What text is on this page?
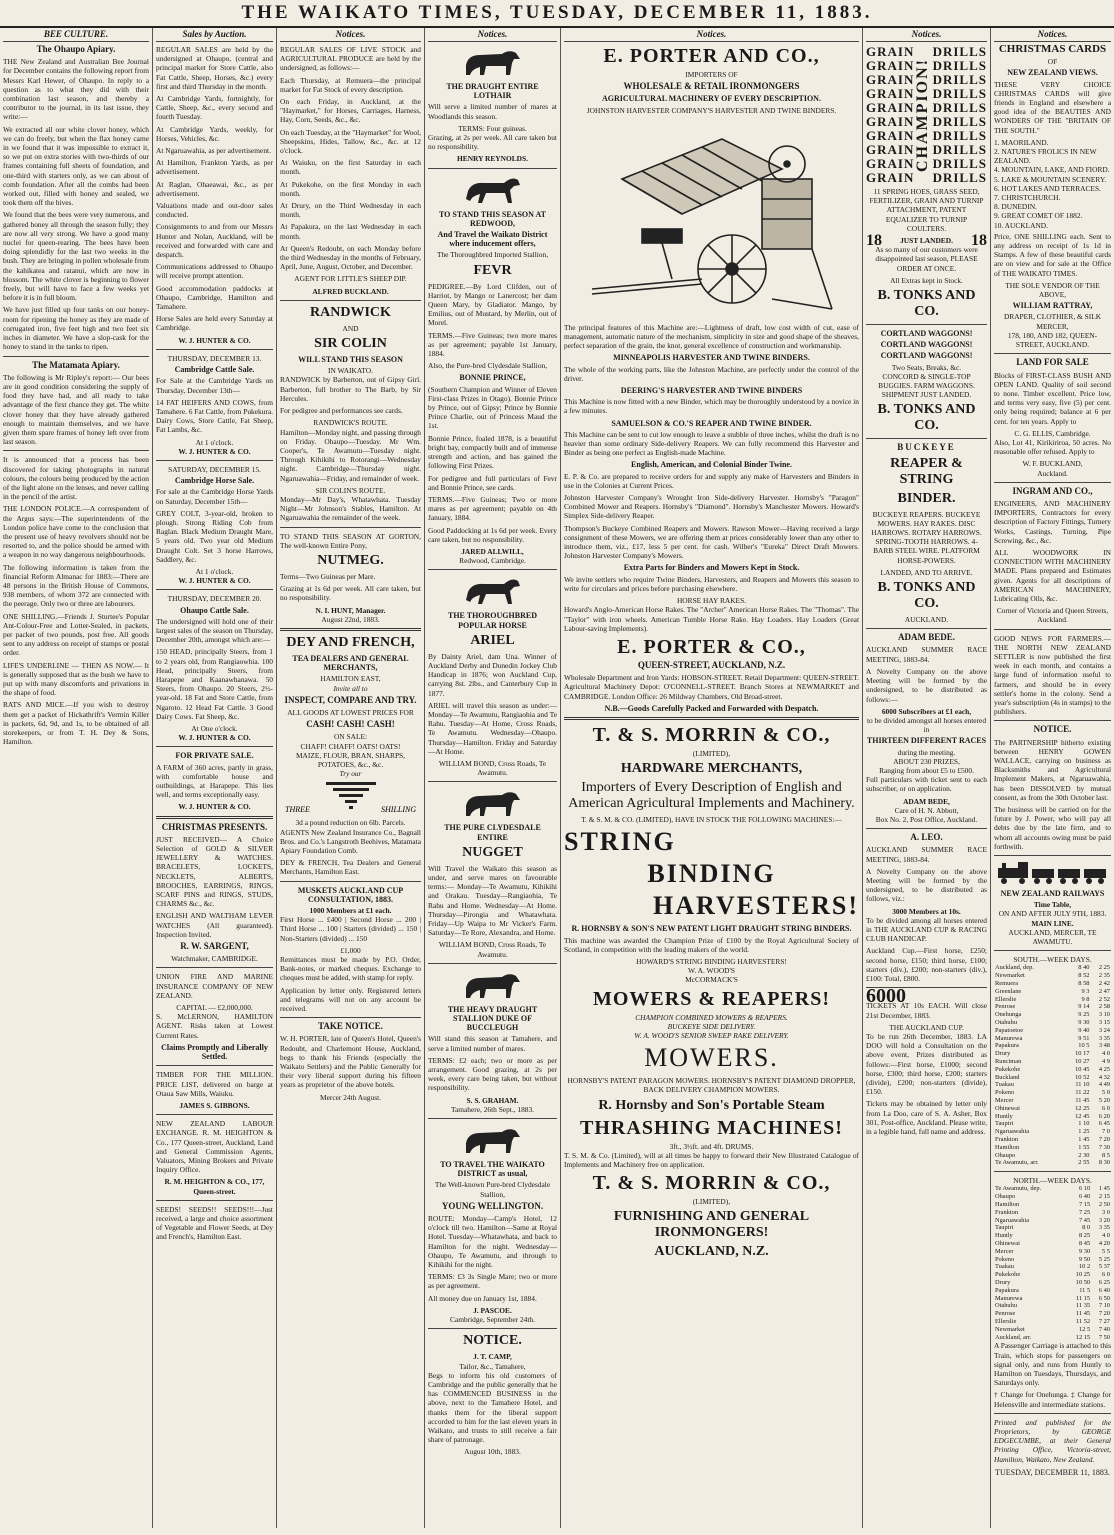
THE WAIKATO TIMES, TUESDAY, DECEMBER 11, 1883.
BEE CULTURE.
The Ohaupo Apiary.

THE New Zealand and Australian Bee Journal for December contains the following report from Messrs Karl Hewer, of Ohaupo. In reply to a question as to what they did with their combination last season, and thereby a contributor to the journal, in its last issue, they write:—

We extracted all our white clover honey, which we can do freely, but when the flax honey came in we found that it was impossible to extract it, so we put on extra stories with two-thirds of our frames containing full sheets of foundation, and one-third with starters only, as we can about of comb foundation. After all the combs had been worked out, filled with honey and sealed, we took them off the hives.

We found that the bees were very numerous, and gathered honey all through the season fully; they are now all very strong. We have a good many nuclei for queen-rearing. The bees have been doing splendidly for the last two weeks in the bush. They are bringing in pollen wholesale from the kahikatea and ratanui, which are now in blossom. The white clover is beginning to flower freely, but will have to face a few weeks yet before it is in full bloom.

We have just filled up four tanks on our honey-room for ripening the honey as they are made of corrugated iron, five feet high and two feet six inches in diameter. We have a slop-cask for the honey to stand in the tanks to ripen.

The Matamata Apiary.

The following is Mr Ripley's report:— Our bees are in good condition considering the supply of food they have had, and all ready to take advantage of the first chance they get. The white clover honey that they have already gathered enough to maintain themselves, and we have given them spare frames of honey left over from last season.

It is announced that a process has been discovered for taking photographs in natural colours, the colours being produced by the action of the light alone on the lenses, and never calling in the pencil of the artist.

THE LONDON POLICE.—A correspondent of the Argus says:—The superintendents of the London police have come to the conclusion that the present use of heavy revolvers should not be resorted to, and the police should be armed with a weapon in no way dangerous neighbourhoods.

The following information is taken from the financial Reform Almanac for 1883:—There are 48 persons in the British House of Commons, 938 members, of whom 372 are connected with the peerage. Only two or three are labourers.

ONE SHILLING.—Friends J. Sturtee's Popular Ant-Colour-Free and Lotter-Sealed, in packets, per packet of two pounds, post free. All goods sent to any address on receipt of stamps or postal order.

LIFE'S UNDERLINE — THEN AS NOW.— It is generally supposed that as the bush we have to put up with many discomforts and privations in the shape of food.

RATS AND MICE.—If you wish to destroy them get a packet of Hickathrift's Vermin Killer in packets, 6d, 9d, and 1s, to be obtained of all storekeepers, or from T. H. Dey & Sons, Hamilton.

Sales by Auction.

REGULAR SALES are held by the undersigned at Ohaupo, (central and principal market for Store Cattle, also Fat Cattle, Sheep, Horses, &c.) every first and third Thursday in the month.

At Cambridge Yards, fortnightly, for Cattle, Sheep, &c., every second and fourth Tuesday.

At Cambridge Yards, weekly, for Horses, Vehicles, &c.

At Ngaruawahia, as per advertisement.

At Hamilton, Frankton Yards, as per advertisement.

At Raglan, Ohaeawai, &c., as per advertisement.

Valuations made and out-door sales conducted.

Consignments to and from our Messrs Hunter and Nolan, Auckland, will be received and forwarded with care and despatch.

Communications addressed to Ohaupo will receive prompt attention.

Good accommodation paddocks at Ohaupo, Cambridge, Hamilton and Tamahere.

Horse Sales are held every Saturday at Cambridge.

W. J. HUNTER & CO.
THURSDAY, DECEMBER 13.
Cambridge Cattle Sale.

For Sale at the Cambridge Yards on Thursday, December 13th—

14 FAT HEIFERS AND COWS, from Tamahere. 6 Fat Cattle, from Pukekura. Dairy Cows, Store Cattle, Fat Sheep, Fat Lambs, &c.

At 1 o'clock.
W. J. HUNTER & CO.
SATURDAY, DECEMBER 15.
Cambridge Horse Sale.

For sale at the Cambridge Horse Yards on Saturday, December 15th—

GREY COLT, 3-year-old, broken to plough. Strong Riding Cob from Raglan. Black Medium Draught Mare, 5 years old. Two year old Medium Draught Colt. Set 3 horse Harrows, Saddlery, &c.

At 1 o'clock.
W. J. HUNTER & CO.
THURSDAY, DECEMBER 20.
Ohaupo Cattle Sale.

The undersigned will hold one of their largest sales of the season on Thursday, December 20th, amongst which are:—

150 HEAD, principally Steers, from 1 to 2 years old, from Rangiaowhia. 100 Head, principally Steers, from Harapepe and Kaanawhanawa. 50 Steers, from Ohaupo. 20 Steers, 2½-year-old. 18 Fat and Store Cattle, from Ngaroto. 12 Head Fat Cattle. 3 Good Dairy Cows. Fat Sheep, &c.

At One o'clock.
W. J. HUNTER & CO.
FOR PRIVATE SALE.

A FARM of 360 acres, partly in grass, with comfortable house and outbuildings, at Harapepe. This lies well, and terms exceptionally easy.

W. J. HUNTER & CO.
CHRISTMAS PRESENTS.

JUST RECEIVED— A Choice Selection of GOLD & SILVER JEWELLERY & WATCHES. BRACELETS, LOCKETS, NECKLETS, ALBERTS, BROOCHES, EARRINGS, RINGS, SCARF PINS and RINGS, STUDS, CHARMS &c., &c.

ENGLISH AND WALTHAM LEVER WATCHES (All guaranteed). Inspection Invited.

R. W. SARGENT,
Watchmaker, CAMBRIDGE.

UNION FIRE AND MARINE INSURANCE COMPANY OF NEW ZEALAND.

CAPITAL — £2,000,000.

S. McLERNON, HAMILTON AGENT. Risks taken at Lowest Current Rates.

Claims Promptly and Liberally Settled.

TIMBER FOR THE MILLION. PRICE LIST, delivered on barge at Otaua Saw Mills, Waiuku.

JAMES S. GIBBONS.

NEW ZEALAND LABOUR EXCHANGE. R. M. HEIGHTON & Co., 177 Queen-street, Auckland, Land and General Commission Agents, Valuators, Mining Brokers and Private Inquiry Office.

R. M. HEIGHTON & CO., 177, Queen-street.

SEEDS! SEEDS!! SEEDS!!!—Just received, a large and choice assortment of Vegetable and Flower Seeds, at Dey and French's, Hamilton East.

Notices.

REGULAR SALES OF LIVE STOCK and AGRICULTURAL PRODUCE are held by the undersigned, as follows:—

Each Thursday, at Remuera—the principal market for Fat Stock of every description.

On each Friday, in Auckland, at the "Haymarket," for Horses, Carriages, Harness, Hay, Corn, Seeds, &c., &c.

On each Tuesday, at the "Haymarket" for Wool, Sheepskins, Hides, Tallow, &c., &c. at 12 o'clock.

At Waiuku, on the first Saturday in each month.

At Pukekohe, on the first Monday in each month.

At Drury, on the Third Wednesday in each month.

At Papakura, on the last Wednesday in each month.

At Queen's Redoubt, on each Monday before the third Wednesday in the months of February, April, June, August, October, and December.

AGENT FOR LITTLE'S SHEEP DIP.

ALFRED BUCKLAND.
RANDWICK
AND
SIR COLIN
WILL STAND THIS SEASON
IN WAIKATO.

RANDWICK by Barberton, out of Gipsy Girl. Barberton, full brother to The Barb, by Sir Hercules.

For pedigree and performances see cards.

RANDWICK'S ROUTE.

Hamilton—Monday night, and passing through on Friday. Ohaupo—Tuesday. Mr Wm. Cooper's, Te Awamutu—Tuesday night. Through Kihikihi to Rotorangi—Wednesday night. Cambridge—Thursday night. Ngaruawahia—Friday, and remainder of week.

SIR COLIN'S ROUTE.

Monday—Mr Day's, Whatawhata. Tuesday Night—Mr Johnson's Stables, Hamilton. At Ngaruawahia the remainder of the week.

TO STAND THIS SEASON AT GORTON, The well-known Entire Pony,

NUTMEG.

Terms—Two Guineas per Mare.

Grazing at 1s 6d per week. All care taken, but no responsibility.

N. I. HUNT, Manager.
August 22nd, 1883.
DEY AND FRENCH,
TEA DEALERS AND GENERAL MERCHANTS,
HAMILTON EAST,
Invite all to
INSPECT, COMPARE AND TRY.
ALL GOODS AT LOWEST PRICES FOR
CASH! CASH! CASH!
ON SALE:
CHAFF! CHAFF! OATS! OATS!
MAIZE, FLOUR, BRAN, SHARPS, POTATOES, &c., &c.
Try our
THREE	SHILLING
3d a pound reduction on 6lb. Parcels.

AGENTS New Zealand Insurance Co., Bagnall Bros. and Co.'s Langstroth Beehives, Matamata Apiary Foundation Comb.

DEY & FRENCH, Tea Dealers and General Merchants, Hamilton East.

MUSKETS AUCKLAND CUP CONSULTATION, 1883.
1000 Members at £1 each.

First Horse ... £400 | Second Horse ... 200 | Third Horse ... 100 | Starters (divided) ... 150 | Non-Starters (divided) ... 150

£1,000

Remittances must be made by P.O. Order, Bank-notes, or marked cheques. Exchange to cheques must be added, with stamp for reply.

Application by letter only. Registered letters and telegrams will not on any account be received.

TAKE NOTICE.

W. H. PORTER, late of Queen's Hotel, Queen's Redoubt, and Charlemont House, Auckland, begs to thank his Friends (especially the Waikato Settlers) and the Public Generally for their very liberal support during his fifteen years as proprietor of the above hotels.

Mercer 24th August.
Notices.
THE DRAUGHT ENTIRE LOTHAIR

Will serve a limited number of mares at Woodlands this season.

TERMS: Four guineas.

Grazing, at 2s per week. All care taken but no responsibility.

HENRY REYNOLDS.
TO STAND THIS SEASON AT REDWOOD,
And Travel the Waikato District where inducement offers,
The Thoroughbred Imported Stallion,
FEVR

PEDIGREE.—By Lord Clifden, out of Harriot, by Mango or Lanercost; her dam Queen Mary, by Gladiator. Mango, by Emilius, out of Mustard, by Merlin, out of Morel.

TERMS.—Five Guineas; two more mares as per agreement; payable 1st January, 1884.

Also, the Pure-bred Clydesdale Stallion,

BONNIE PRINCE,

(Southern Champion and Winner of Eleven First-class Prizes in Otago). Bonnie Prince by Prince, out of Gipsy; Prince by Bonnie Prince Charlie, out of Princess Maud the 1st.

Bonnie Prince, foaled 1878, is a beautiful bright bay, compactly built and of immense strength and action, and has gained the following First Prizes.

For pedigree and full particulars of Fevr and Bonnie Prince, see cards.

TERMS.—Five Guineas; Two or more mares as per agreement; payable on 4th January, 1884.

Good Paddocking at 1s 6d per week. Every care taken, but no responsibility.

JARED ALLWILL,
Redwood, Cambridge.
THE THOROUGHBRED POPULAR HORSE
ARIEL

By Dainty Ariel, dam Una. Winner of Auckland Derby and Dunedin Jockey Club Handicap in 1876; won Auckland Cup, carrying 8st. 2lbs., and Canterbury Cup in 1877.

ARIEL will travel this season as under:— Monday—Te Awamutu, Rangiaohia and Te Rahu. Tuesday—At Home, Cross Roads, Te Awamutu. Wednesday—Ohaupo. Thursday—Hamilton. Friday and Saturday—At Home.

WILLIAM BOND, Cross Roads, Te Awamutu.
THE PURE CLYDESDALE ENTIRE
NUGGET

Will Travel the Waikato this season as under, and serve mares on favourable terms:— Monday—Te Awamutu, Kihikihi and Orakau. Tuesday—Rangiaohia, Te Rahu and Home. Wednesday—At Home. Thursday—Pirongia and Whatawhata. Friday—Up Waipa to Mr Vicker's Farm. Saturday—Te Rore, Alexandra, and Home.

WILLIAM BOND, Cross Roads, Te Awamutu.
THE HEAVY DRAUGHT STALLION DUKE OF BUCCLEUGH

Will stand this season at Tamahere, and serve a limited number of mares.

TERMS: £2 each; two or more as per arrangement. Good grazing, at 2s per week, every care being taken, but without responsibility.

S. S. GRAHAM.
Tamahere, 26th Sept., 1883.
TO TRAVEL THE WAIKATO DISTRICT as usual,
The Well-known Pure-bred Clydesdale Stallion,
YOUNG WELLINGTON.

ROUTE: Monday—Camp's Hotel, 12 o'clock till two. Hamilton—Same at Royal Hotel. Tuesday—Whatawhata, and back to Hamilton for the night. Wednesday—Ohaupo, Te Awamutu, and through to Kihikihi for the night.

TERMS: £3 3s Single Mare; two or more as per agreement.

All money due on January 1st, 1884.

J. PASCOE.
Cambridge, September 24th.
NOTICE.
J. T. CAMP,
Tailor, &c., Tamahere,

Begs to inform his old customers of Cambridge and the public generally that he has COMMENCED BUSINESS in the above, next to the Tamahere Hotel, and thanks them for the liberal support accorded to him for the last eleven years in Waikato, and trusts to still receive a fair share of patronage.

August 10th, 1883.
Notices.
E. PORTER AND CO.,
IMPORTERS OF
WHOLESALE & RETAIL IRONMONGERS
AGRICULTURAL MACHINERY OF EVERY DESCRIPTION.
JOHNSTON HARVESTER COMPANY'S HARVESTER AND TWINE BINDERS.

The principal features of this Machine are:—Lightness of draft, low cost width of cut, ease of management, automatic nature of the mechanism, simplicity in size and good shape of the sheaves, perfect separation of the grain, the knot, general excellence of construction and workmanship.

MINNEAPOLIS HARVESTER AND TWINE BINDERS.

The whole of the working parts, like the Johnston Machine, are perfectly under the control of the driver.

DEERING'S HARVESTER AND TWINE BINDERS

This Machine is now fitted with a new Binder, which may be thoroughly understood by a novice in a few minutes.

SAMUELSON & CO.'S REAPER AND TWINE BINDER.

This Machine can be sent to cut low enough to leave a stubble of three inches, whilst the draft is no heavier than some ordinary Side-delivery Reapers. We can fully recommend this Harvester and Binder as being one perfect as English-made Machine.

English, American, and Colonial Binder Twine.

E. P. & Co. are prepared to receive orders for and supply any make of Harvesters and Binders in use in the Colonies at Current Prices.

Johnston Harvester Company's Wrought Iron Side-delivery Harvester. Hornsby's "Paragon" Combined Mower and Reapers. Hornsby's "Diamond". Hornsby's Manchester Mowers. Howard's Simplex Side-delivery Reaper.

Thompson's Buckeye Combined Reapers and Mowers. Rawson Mower—Having received a large consignment of these Mowers, we are offering them at prices considerably lower than any other to introduce them, viz., £17, less 5 per cent. for cash. Wilber's "Eureka" Direct Draft Mowers. Johnston Harvester Company's Mowers.

Extra Parts for Binders and Mowers Kept in Stock.

We invite settlers who require Twine Binders, Harvesters, and Reapers and Mowers this season to write for circulars and prices before purchasing elsewhere.

HORSE HAY RAKES.

Howard's Anglo-American Horse Rakes. The "Archer" American Horse Rakes. The "Thomas". The "Taylor" with iron wheels. American Tumble Horse Rake. Hay Loaders. Hay Loaders (Great Labour-saving Implements).

E. PORTER & CO.,
QUEEN-STREET, AUCKLAND, N.Z.

Wholesale Department and Iron Yards: HOBSON-STREET. Retail Department: QUEEN-STREET. Agricultural Machinery Depot: O'CONNELL-STREET. Branch Stores at NEWMARKET and CAMBRIDGE. London Office: 26 Mildway Chambers, Old Broad-street.

N.B.—Goods Carefully Packed and Forwarded with Despatch.
T. & S. MORRIN & CO.,
(LIMITED),
HARDWARE MERCHANTS,
Importers of Every Description of English and American Agricultural Implements and Machinery.
T. & S. M. & CO. (LIMITED), HAVE IN STOCK THE FOLLOWING MACHINES:—
STRING
BINDING
HARVESTERS!
R. HORNSBY & SON'S NEW PATENT LIGHT DRAUGHT STRING BINDERS.

This machine was awarded the Champion Prize of £100 by the Royal Agricultural Society of Scotland, in competition with the leading makers of the world.

HOWARD'S STRING BINDING HARVESTERS!
W. A. WOOD'S
McCORMACK'S
MOWERS & REAPERS!
CHAMPION COMBINED MOWERS & REAPERS.
BUCKEYE SIDE DELIVERY.
W. A. WOOD'S SENIOR SWEEP RAKE DELIVERY.
MOWERS.

HORNSBY'S PATENT PARAGON MOWERS. HORNSBY'S PATENT DIAMOND DROPPER, BACK DELIVERY CHAMPION MOWERS.

R. Hornsby and Son's Portable Steam
THRASHING MACHINES!
3ft., 3½ft. and 4ft. DRUMS.

T. S. M. & Co. (Limited), will at all times be happy to forward their New Illustrated Catalogue of Implements and Machinery free on application.

T. & S. MORRIN & CO.,
(LIMITED),
FURNISHING AND GENERAL IRONMONGERS!
AUCKLAND, N.Z.
Notices.
GRAIN
GRAIN
GRAIN
GRAIN
GRAIN
GRAIN
GRAIN
GRAIN
GRAIN
GRAIN
CHAMPION!
DRILLS
DRILLS
DRILLS
DRILLS
DRILLS
DRILLS
DRILLS
DRILLS
DRILLS
DRILLS

11 SPRING HOES, GRASS SEED, FERTILIZER, GRAIN AND TURNIP ATTACHMENT, PATENT EQUALIZER TO TURNIP COULTERS.

18 JUST LANDED. 18

As so many of our customers were disappointed last season, PLEASE ORDER AT ONCE.

All Extras kept in Stock.
B. TONKS AND CO.
CORTLAND WAGGONS!
CORTLAND WAGGONS!
CORTLAND WAGGONS!
Two Seats, Breaks, &c.
CONCORD & SINGLE-TOP BUGGIES. FARM WAGGONS.
SHIPMENT JUST LANDED.
B. TONKS AND CO.
BUCKEYE
REAPER & STRING
BINDER.

BUCKEYE REAPERS. BUCKEYE MOWERS. HAY RAKES. DISC HARROWS. ROTARY HARROWS. SPRING-TOOTH HARROWS. 4-BARB STEEL WIRE. PLATFORM HORSE-POWERS.

LANDED, AND TO ARRIVE.
B. TONKS AND CO.
AUCKLAND.
ADAM BEDE.

AUCKLAND SUMMER RACE MEETING, 1883-84.

A Novelty Company on the above Meeting will be formed by the undersigned, to be distributed as follows:—

6000 Subscribers at £1 each,
to be divided amongst all horses entered in
THIRTEEN DIFFERENT RACES
during the meeting.
ABOUT 230 PRIZES,
Ranging from about £5 to £500.

Full particulars with ticket sent to each subscriber, or on application.

ADAM BEDE,
Care of H. N. Abbott,
Box No. 2, Post Office, Auckland.
A. LEO.

AUCKLAND SUMMER RACE MEETING, 1883-84.

A Novelty Company on the above Meeting will be formed by the undersigned, to be distributed as follows, viz.:

3000 Members at 10s.

To be divided among all horses entered in THE AUCKLAND CUP & RACING CLUB HANDICAP.

Auckland Cup.—First horse, £250; second horse, £150; third horse, £100; starters (div.), £200; non-starters (div.), £100: Total, £800.

6000

TICKETS AT 10s EACH. Will close 21st December, 1883.

THE AUCKLAND CUP.

To be run 26th December, 1883. LA DOO will hold a Consultation on the above event, Prizes distributed as follows:—First horse, £1000; second horse, £300; third horse, £200; starters (divide), £200; non-starters (divide), £150.

Tickets may be obtained by letter only from La Doo, care of S. A. Asher, Box 301, Post-office, Auckland. Please write, in a legible hand, full name and address.

Notices.
CHRISTMAS CARDS
OF
NEW ZEALAND VIEWS.

THESE VERY CHOICE CHRISTMAS CARDS will give friends in England and elsewhere a good idea of the BEAUTIES AND WONDERS OF THE "BRITAIN OF THE SOUTH."

1. MAORILAND.
2. NATURE'S FROLICS IN NEW ZEALAND.
4. MOUNTAIN, LAKE, AND FIORD.
5. LAKE & MOUNTAIN SCENERY.
6. HOT LAKES AND TERRACES.
7. CHRISTCHURCH.
8. DUNEDIN.
9. GREAT COMET OF 1882.
10. AUCKLAND.

Price, ONE SHILLING each. Sent to any address on receipt of 1s 1d in Stamps. A few of these beautiful cards are on view and for sale at the Office of THE WAIKATO TIMES.

THE SOLE VENDOR OF THE ABOVE,
WILLIAM RATTRAY,
DRAPER, CLOTHIER, & SILK MERCER,
178, 180, AND 182, QUEEN-STREET, AUCKLAND.
LAND FOR SALE

Blocks of FIRST-CLASS BUSH AND OPEN LAND. Quality of soil second to none. Timber excellent. Price low, and terms very easy, five (5) per cent. only being required; balance at 6 per cent. for ten years. Apply to

C. G. ELLIS, Cambridge.

Also, Lot 41, Kirikiriroa, 50 acres. No reasonable offer refused. Apply to

W. F. BUCKLAND,
Auckland.
INGRAM AND CO.,

ENGINEERS, AND MACHINERY IMPORTERS, Contractors for every description of Factory Fittings, Turnery Works, Castings, Turning, Pipe Screwing, &c., &c.

ALL WOODWORK IN CONNECTION WITH MACHINERY MADE. Plans prepared and Estimates given. Agents for all descriptions of AMERICAN MACHINERY, Lubricating Oils, &c.

Corner of Victoria and Queen Streets, Auckland.

GOOD NEWS FOR FARMERS.—THE NORTH NEW ZEALAND SETTLER is now published the first week in each month, and contains a large fund of information useful to farmers, and should be in every settler's home in the colony. Send a year's subscription (4s in stamps) to the publishers.

NOTICE.

The PARTNERSHIP hitherto existing between HENRY GOWEN WALLACE, carrying on business as Blacksmiths and Agricultural Implement Makers, at Ngaruawahia, has been DISSOLVED by mutual consent, as from the 30th October last.

The business will be carried on for the future by J. Power, who will pay all debts due by the late firm, and to whom all accounts owing must be paid forthwith.

NEW ZEALAND RAILWAYS
Time Table,
ON AND AFTER JULY 9TH, 1883.
MAIN LINE.
AUCKLAND, MERCER, TE AWAMUTU.
SOUTH.—WEEK DAYS.
Auckland, dep.	8 40	2 25
Newmarket	8 52	2 35
Remuera	8 58	2 42
Greenlane	9 3	2 47
Ellerslie	9 8	2 52
Penrose	9 14	2 58
Onehunga	9 25	3 10
Otahuhu	9 30	3 15
Papatoetoe	9 40	3 24
Manurewa	9 51	3 35
Papakura	10 5	3 48
Drury	10 17	4 0
Runciman	10 27	4 9
Pukekohe	10 45	4 25
Buckland	10 52	4 32
Tuakau	11 10	4 49
Pokeno	11 22	5 0
Mercer	11 45	5 20
Ohinewai	12 25	6 0
Huntly	12 45	6 20
Taupiri	1 10	6 45
Ngaruawahia	1 25	7 0
Frankton	1 45	7 20
Hamilton	1 55	7 30
Ohaupo	2 30	8 5
Te Awamutu, arr.	2 55	8 30
NORTH.—WEEK DAYS.
Te Awamutu, dep.	6 10	1 45
Ohaupo	6 40	2 15
Hamilton	7 15	2 50
Frankton	7 25	3 0
Ngaruawahia	7 45	3 20
Taupiri	8 0	3 35
Huntly	8 25	4 0
Ohinewai	8 45	4 20
Mercer	9 30	5 5
Pokeno	9 50	5 25
Tuakau	10 2	5 37
Pukekohe	10 25	6 0
Drury	10 50	6 25
Papakura	11 5	6 40
Manurewa	11 15	6 50
Otahuhu	11 35	7 10
Penrose	11 45	7 20
Ellerslie	11 52	7 27
Newmarket	12 5	7 40
Auckland, arr.	12 15	7 50

A Passenger Carriage is attached to this Train, which stops for passengers on signal only, and runs from Huntly to Hamilton on Tuesdays, Thursdays, and Saturdays only.

† Change for Onehunga. ‡ Change for Helensville and intermediate stations.

Printed and published for the Proprietors, by GEORGE EDGECUMBE, at their General Printing Office, Victoria-street, Hamilton, Waikato, New Zealand.

TUESDAY, DECEMBER 11, 1883.
